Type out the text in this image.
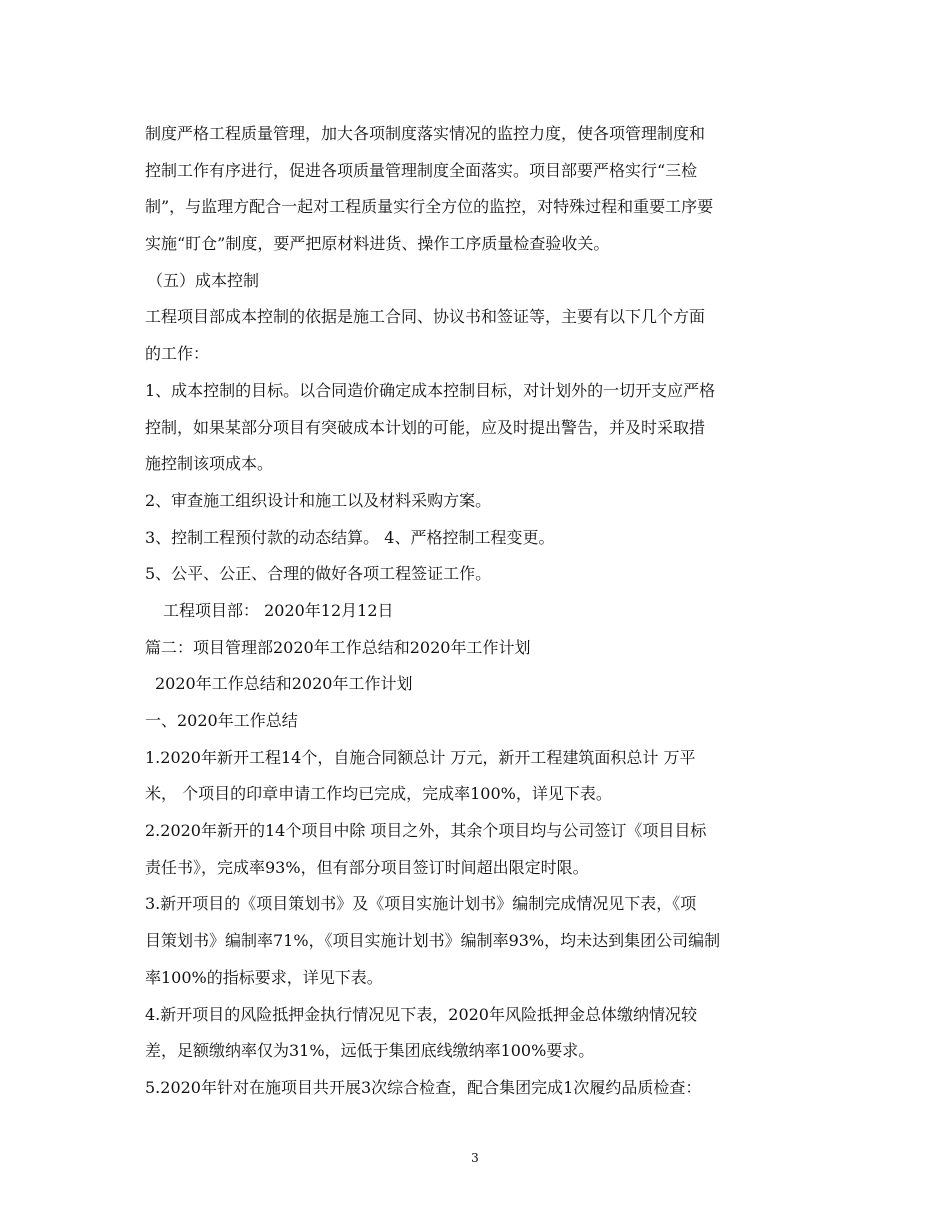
制度严格工程质量管理，加大各项制度落实情况的监控力度，使各项管理制度和
控制工作有序进行，促进各项质量管理制度全面落实。项目部要严格实行“三检
制”，与监理方配合一起对工程质量实行全方位的监控，对特殊过程和重要工序要
实施“盯仓”制度，要严把原材料进货、操作工序质量检查验收关。
（五）成本控制
工程项目部成本控制的依据是施工合同、协议书和签证等，主要有以下几个方面
的工作：
1、成本控制的目标。以合同造价确定成本控制目标，对计划外的一切开支应严格
控制，如果某部分项目有突破成本计划的可能，应及时提出警告，并及时采取措
施控制该项成本。
2、审查施工组织设计和施工以及材料采购方案。
3、控制工程预付款的动态结算。 4、严格控制工程变更。
5、公平、公正、合理的做好各项工程签证工作。
工程项目部： 2020年12月12日
篇二：项目管理部2020年工作总结和2020年工作计划
2020年工作总结和2020年工作计划
一、2020年工作总结
1.2020年新开工程14个，自施合同额总计 万元，新开工程建筑面积总计 万平
米， 个项目的印章申请工作均已完成，完成率100%，详见下表。
2.2020年新开的14个项目中除 项目之外，其余个项目均与公司签订《项目目标
责任书》，完成率93%，但有部分项目签订时间超出限定时限。
3.新开项目的《项目策划书》及《项目实施计划书》编制完成情况见下表，《项
目策划书》编制率71%，《项目实施计划书》编制率93%，均未达到集团公司编制
率100%的指标要求，详见下表。
4.新开项目的风险抵押金执行情况见下表，2020年风险抵押金总体缴纳情况较
差，足额缴纳率仅为31%，远低于集团底线缴纳率100%要求。
5.2020年针对在施项目共开展3次综合检查，配合集团完成1次履约品质检查：
3
